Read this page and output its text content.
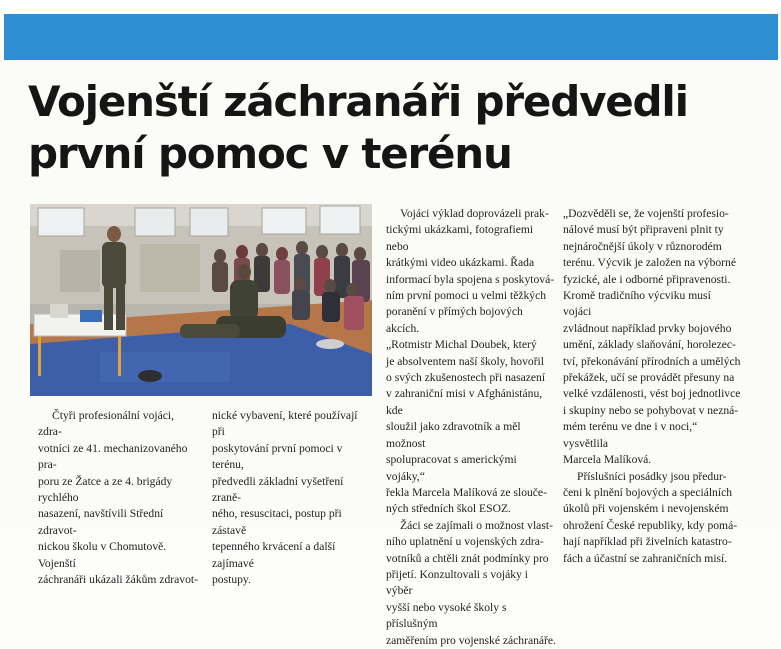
Vojenští záchranáři předvedli
první pomoc v terénu

Čtyři profesionální vojáci, zdra-
votníci ze 41. mechanizovaného pra-
poru ze Žatce a ze 4. brigády rychlého
nasazení, navštívili Střední zdravot-
nickou školu v Chomutově. Vojenští
záchranáři ukázali žákům zdravot-

nické vybavení, které používají při
poskytování první pomoci v terénu,
předvedli základní vyšetření zraně-
ného, resuscitaci, postup při zástavě
tepenného krvácení a další zajímavé
postupy.

Vojáci výklad doprovázeli prak-
tickými ukázkami, fotografiemi nebo
krátkými video ukázkami. Řada
informací byla spojena s poskytová-
ním první pomoci u velmi těžkých
poranění v přímých bojových akcích.
„Rotmistr Michal Doubek, který
je absolventem naší školy, hovořil
o svých zkušenostech při nasazení
v zahraniční misi v Afghánistánu, kde
sloužil jako zdravotník a měl možnost
spolupracovat s americkými vojáky,“
řekla Marcela Malíková ze slouče-
ných středních škol ESOZ.

Žáci se zajímali o možnost vlast-
ního uplatnění u vojenských zdra-
votníků a chtěli znát podmínky pro
přijetí. Konzultovali s vojáky i výběr
vyšší nebo vysoké školy s příslušným
zaměřením pro vojenské záchranáře.

„Dozvěděli se, že vojenští profesio-
nálové musí být připraveni plnit ty
nejnáročnější úkoly v různorodém
terénu. Výcvik je založen na výborné
fyzické, ale i odborné připravenosti.
Kromě tradičního výcviku musí vojáci
zvládnout například prvky bojového
umění, základy slaňování, horolezec-
tví, překonávání přírodních a umělých
překážek, učí se provádět přesuny na
velké vzdálenosti, vést boj jednotlivce
i skupiny nebo se pohybovat v nezná-
mém terénu ve dne i v noci,“ vysvětlila
Marcela Malíková.

Příslušníci posádky jsou předur-
čeni k plnění bojových a speciálních
úkolů při vojenském i nevojenském
ohrožení České republiky, kdy pomá-
hají například při živelních katastro-
fách a účastní se zahraničních misí.
